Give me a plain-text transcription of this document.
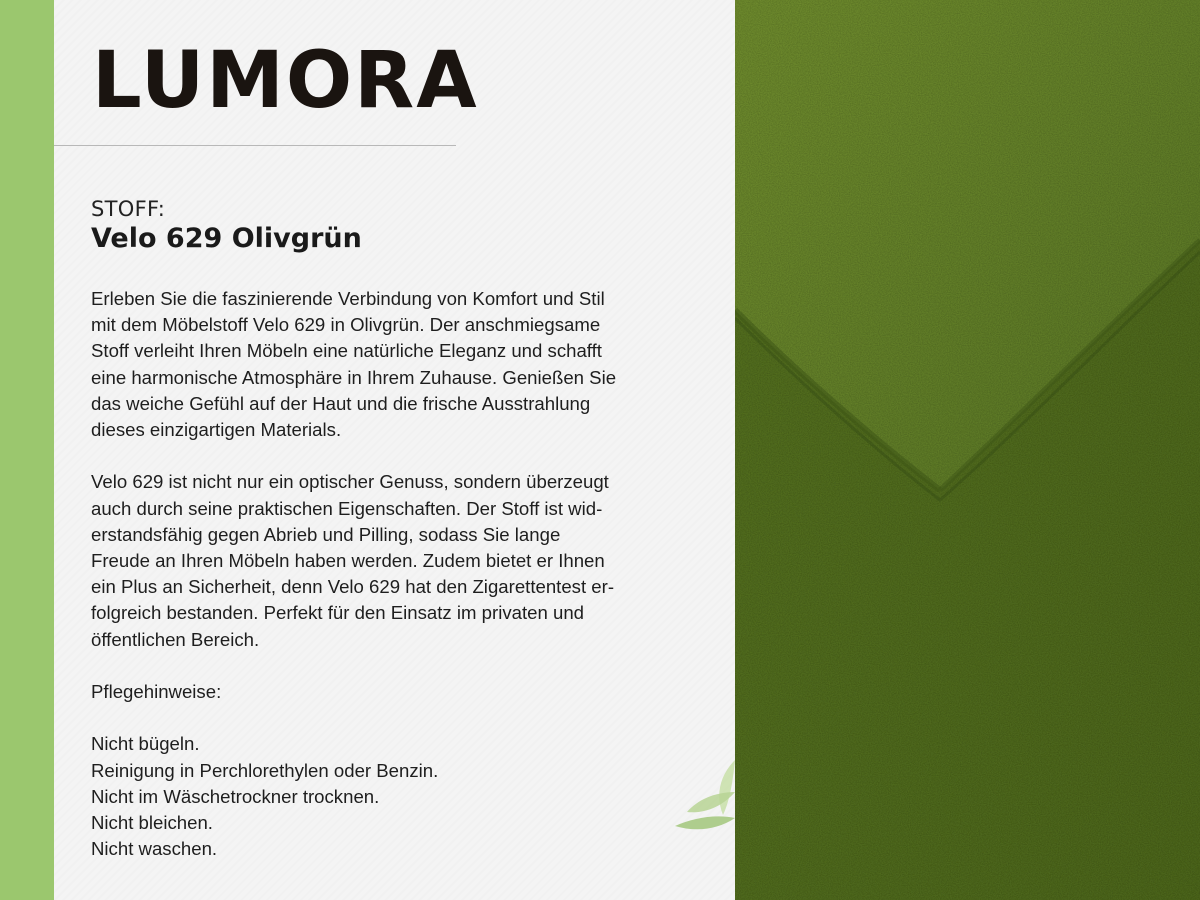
LUMORA
STOFF:
Velo 629 Olivgrün

Erleben Sie die faszinierende Verbindung von Komfort und Stil
mit dem Möbelstoff Velo 629 in Olivgrün. Der anschmiegsame
Stoff verleiht Ihren Möbeln eine natürliche Eleganz und schafft
eine harmonische Atmosphäre in Ihrem Zuhause. Genießen Sie
das weiche Gefühl auf der Haut und die frische Ausstrahlung
dieses einzigartigen Materials.

Velo 629 ist nicht nur ein optischer Genuss, sondern überzeugt
auch durch seine praktischen Eigenschaften. Der Stoff ist wid-
erstandsfähig gegen Abrieb und Pilling, sodass Sie lange
Freude an Ihren Möbeln haben werden. Zudem bietet er Ihnen
ein Plus an Sicherheit, denn Velo 629 hat den Zigarettentest er-
folgreich bestanden. Perfekt für den Einsatz im privaten und
öffentlichen Bereich.

Pflegehinweise:

Nicht bügeln.
Reinigung in Perchlorethylen oder Benzin.
Nicht im Wäschetrockner trocknen.
Nicht bleichen.
Nicht waschen.
